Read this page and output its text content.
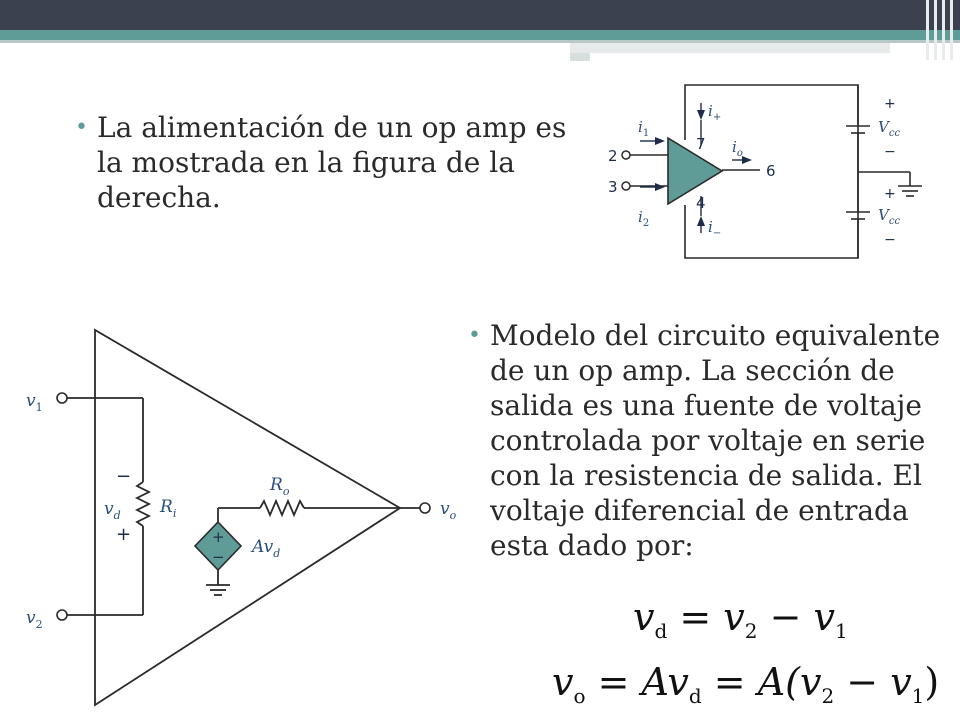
• La alimentación de un op amp es
la mostrada en la figura de la
derecha.
• Modelo del circuito equivalente
de un op amp. La sección de
salida es una fuente de voltaje
controlada por voltaje en serie
con la resistencia de salida. El
voltaje diferencial de entrada
esta dado por:
$i_1$
$i_2$
$i_+$
$i_-$
$i_o$
2
3
7
4
6
+
$V_{cc}$
−
+
$V_{cc}$
−
$v_1$
$v_2$
$v_o$
−
$v_d$
+
$R_i$
$R_o$
+
− $Av_d$
$v_d = v_2 - v_1$
$v_o = Av_d = A(v_2 - v_1)$
